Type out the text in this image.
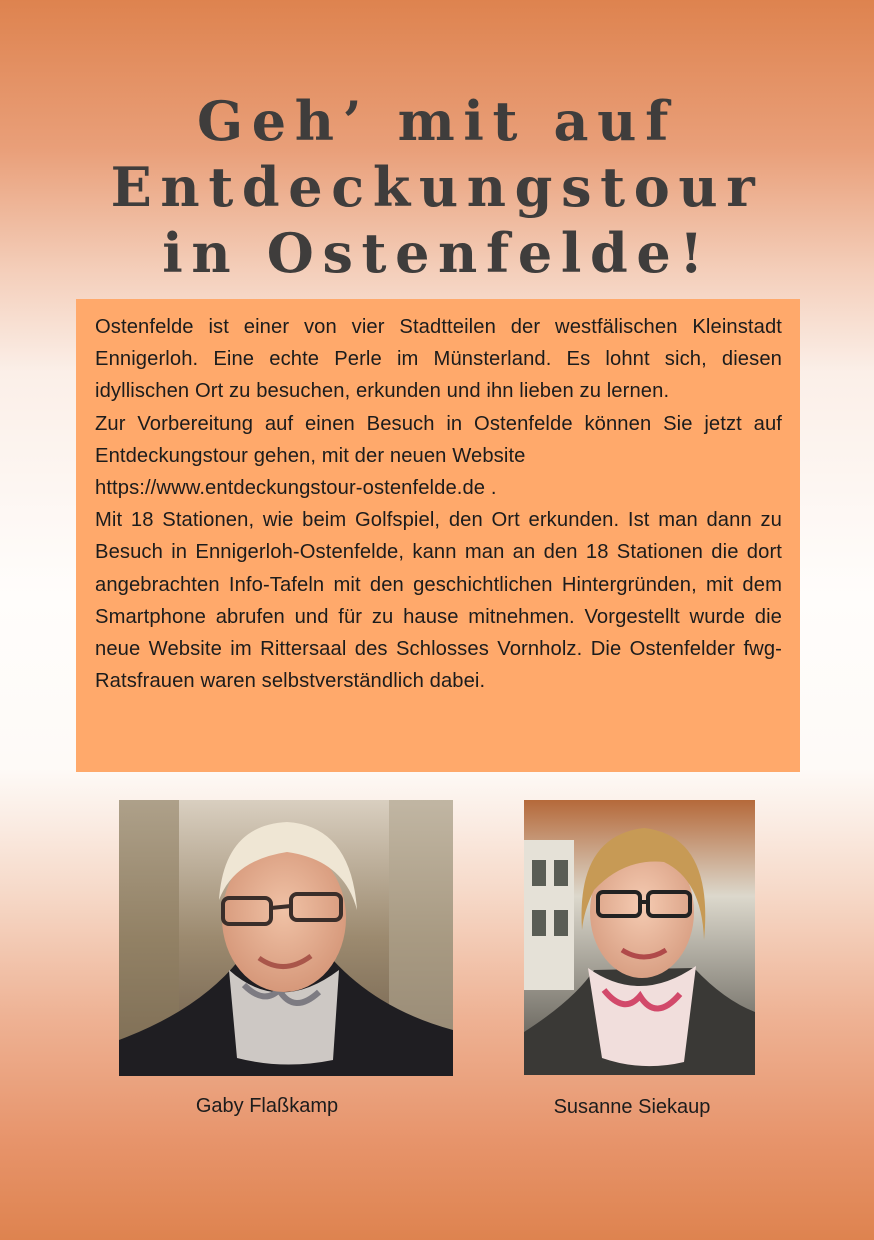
Geh’ mit auf
Entdeckungstour
in Ostenfelde!

Ostenfelde ist einer von vier Stadtteilen der westfälischen Kleinstadt Ennigerloh. Eine echte Perle im Münsterland. Es lohnt sich, diesen idyllischen Ort zu besuchen, erkunden und ihn lieben zu lernen.

Zur Vorbereitung auf einen Besuch in Ostenfelde können Sie jetzt auf Entdeckungstour gehen, mit der neuen Website
https://www.entdeckungstour-ostenfelde.de .

Mit 18 Stationen, wie beim Golfspiel, den Ort erkunden. Ist man dann zu Besuch in Ennigerloh-Ostenfelde, kann man an den 18 Stationen die dort angebrachten Info-Tafeln mit den geschichtlichen Hintergründen, mit dem Smartphone abrufen und für zu hause mitnehmen. Vorgestellt wurde die neue Website im Rittersaal des Schlosses Vornholz. Die Ostenfelder fwg-Ratsfrauen waren selbstverständlich dabei.

Gaby Flaßkamp	Susanne Siekaup
